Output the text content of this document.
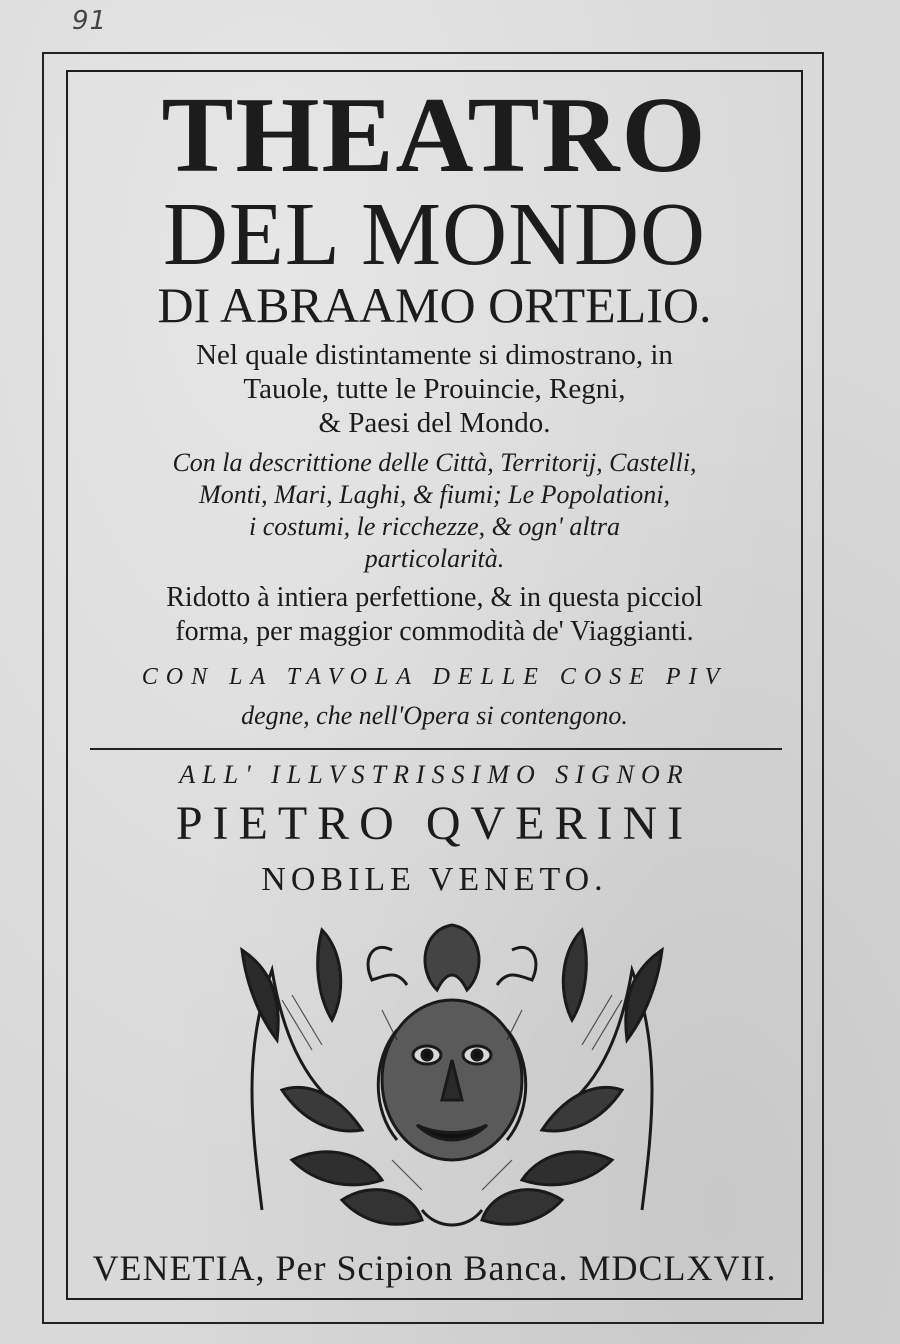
91
THEATRO
DEL MONDO
DI ABRAAMO ORTELIO.
Nel quale distintamente si dimostrano, in
Tauole, tutte le Prouincie, Regni,
& Paesi del Mondo.
Con la descrittione delle Città, Territorij, Castelli,
Monti, Mari, Laghi, & fiumi; Le Popolationi,
i costumi, le ricchezze, & ogn' altra
particolarità.
Ridotto à intiera perfettione, & in questa picciol
forma, per maggior commodità de' Viaggianti.
CON LA TAVOLA DELLE COSE PIV
degne, che nell'Opera si contengono.
ALL' ILLVSTRISSIMO SIGNOR
PIETRO QVERINI
NOBILE VENETO.
VENETIA, Per Scipion Banca. MDCLXVII.
